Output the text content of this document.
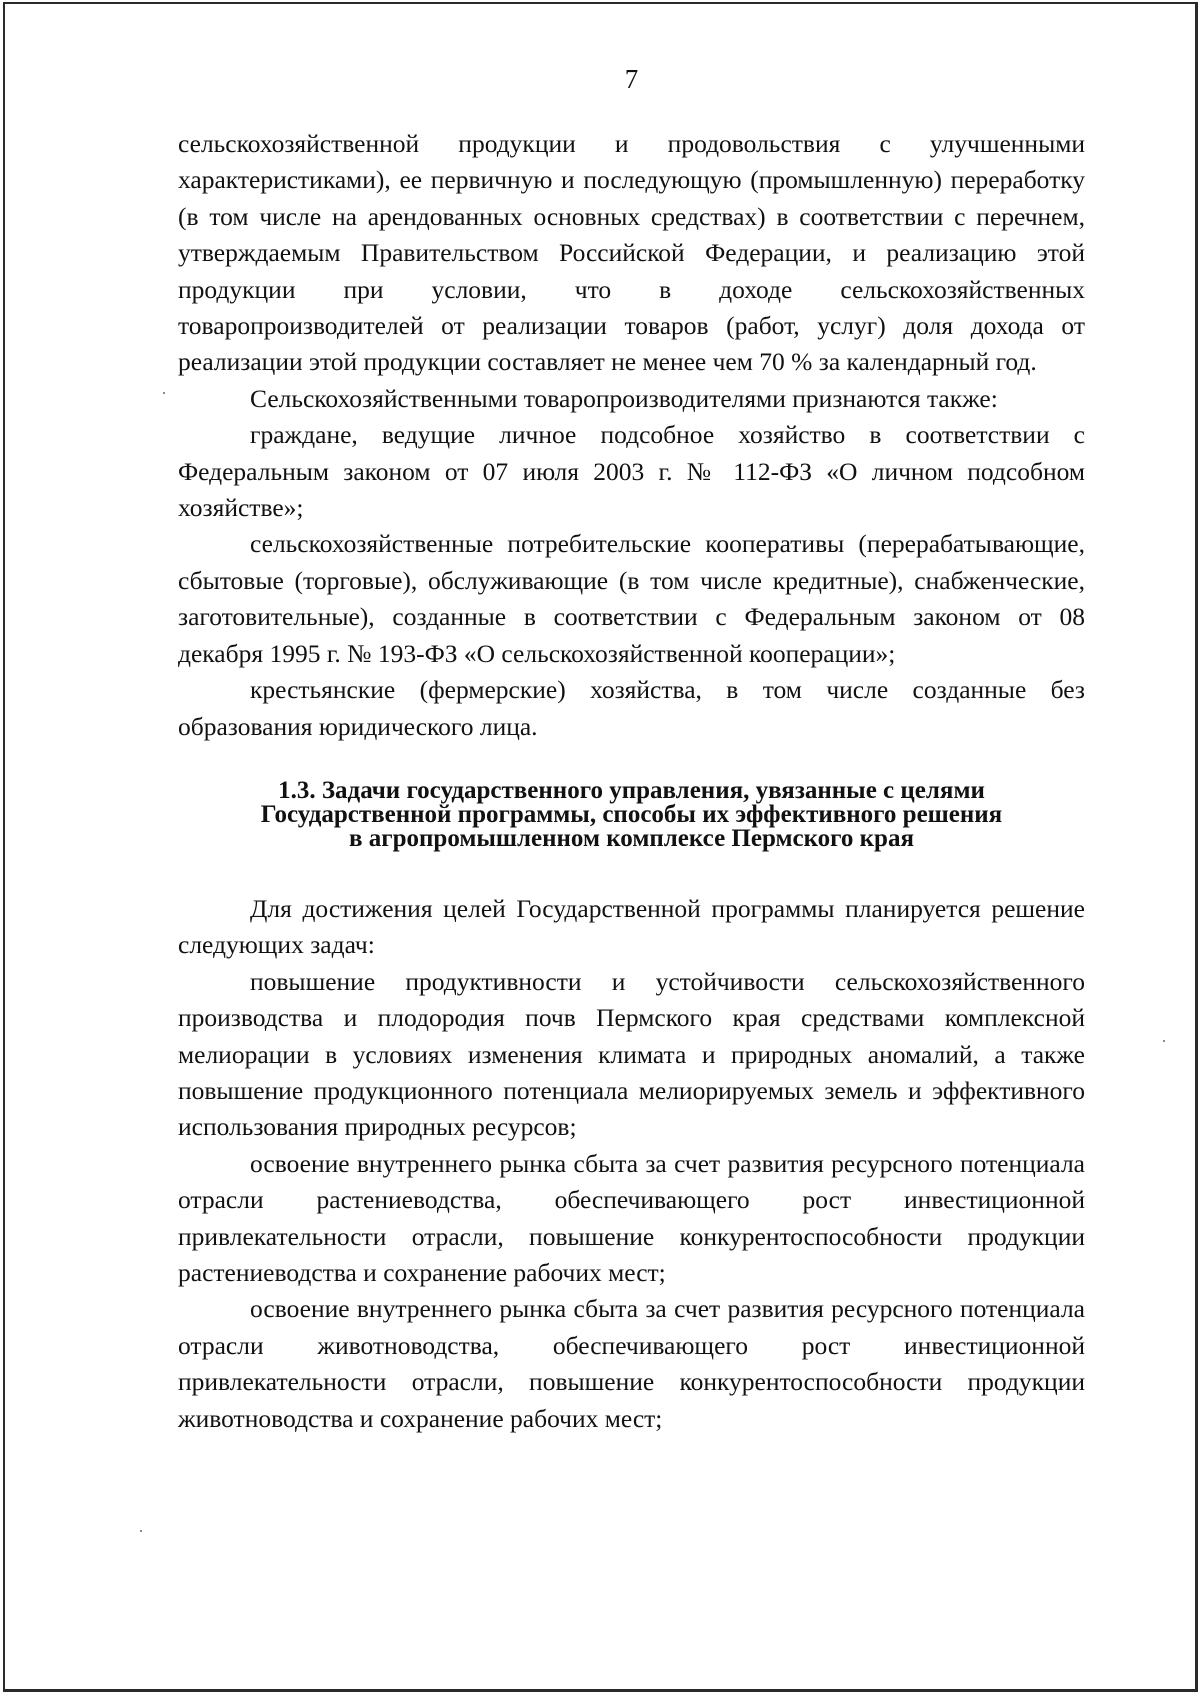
7

сельскохозяйственной продукции и продовольствия с улучшенными характеристиками), ее первичную и последующую (промышленную) переработку (в том числе на арендованных основных средствах) в соответствии с перечнем, утверждаемым Правительством Российской Федерации, и реализацию этой продукции при условии, что в доходе сельскохозяйственных товаропроизводителей от реализации товаров (работ, услуг) доля дохода от реализации этой продукции составляет не менее чем 70 % за календарный год.

Сельскохозяйственными товаропроизводителями признаются также:

граждане, ведущие личное подсобное хозяйство в соответствии с Федеральным законом от 07 июля 2003 г. № 112-ФЗ «О личном подсобном хозяйстве»;

сельскохозяйственные потребительские кооперативы (перерабатывающие, сбытовые (торговые), обслуживающие (в том числе кредитные), снабженческие, заготовительные), созданные в соответствии с Федеральным законом от 08 декабря 1995 г. № 193-ФЗ «О сельскохозяйственной кооперации»;

крестьянские (фермерские) хозяйства, в том числе созданные без образования юридического лица.

1.3. Задачи государственного управления, увязанные с целями
Государственной программы, способы их эффективного решения
в агропромышленном комплексе Пермского края

Для достижения целей Государственной программы планируется решение следующих задач:

повышение продуктивности и устойчивости сельскохозяйственного производства и плодородия почв Пермского края средствами комплексной мелиорации в условиях изменения климата и природных аномалий, а также повышение продукционного потенциала мелиорируемых земель и эффективного использования природных ресурсов;

освоение внутреннего рынка сбыта за счет развития ресурсного потенциала отрасли растениеводства, обеспечивающего рост инвестиционной привлекательности отрасли, повышение конкурентоспособности продукции растениеводства и сохранение рабочих мест;

освоение внутреннего рынка сбыта за счет развития ресурсного потенциала отрасли животноводства, обеспечивающего рост инвестиционной привлекательности отрасли, повышение конкурентоспособности продукции животноводства и сохранение рабочих мест;
